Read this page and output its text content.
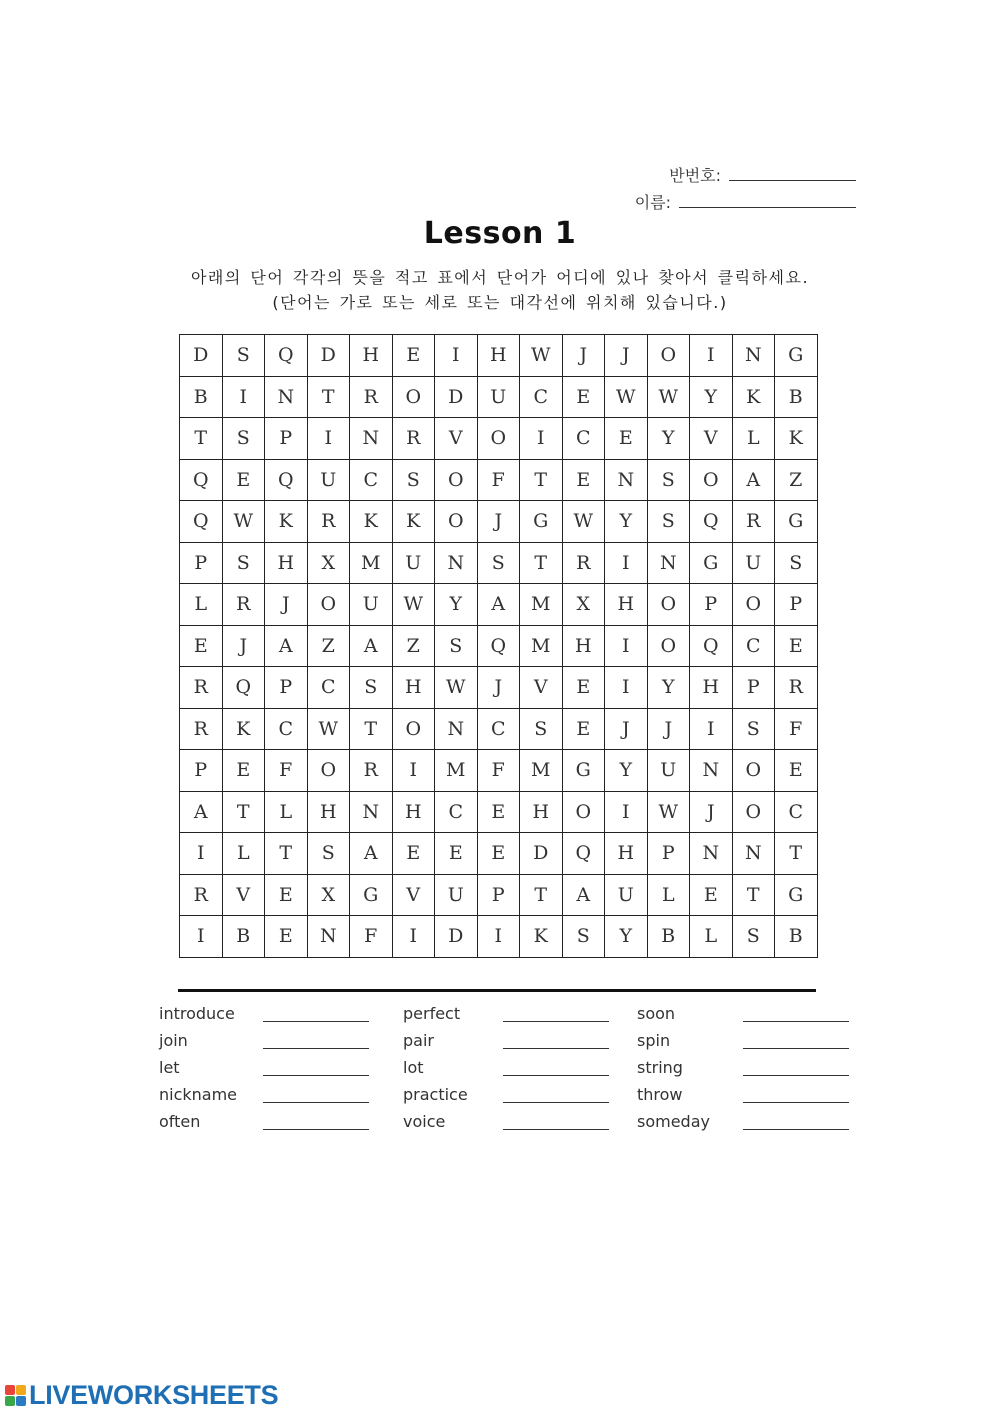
반번호:
이름:
Lesson 1
아래의 단어 각각의 뜻을 적고 표에서 단어가 어디에 있나 찾아서 클릭하세요.
(단어는 가로 또는 세로 또는 대각선에 위치해 있습니다.)
D	S	Q	D	H	E	I	H	W	J	J	O	I	N	G
B	I	N	T	R	O	D	U	C	E	W	W	Y	K	B
T	S	P	I	N	R	V	O	I	C	E	Y	V	L	K
Q	E	Q	U	C	S	O	F	T	E	N	S	O	A	Z
Q	W	K	R	K	K	O	J	G	W	Y	S	Q	R	G
P	S	H	X	M	U	N	S	T	R	I	N	G	U	S
L	R	J	O	U	W	Y	A	M	X	H	O	P	O	P
E	J	A	Z	A	Z	S	Q	M	H	I	O	Q	C	E
R	Q	P	C	S	H	W	J	V	E	I	Y	H	P	R
R	K	C	W	T	O	N	C	S	E	J	J	I	S	F
P	E	F	O	R	I	M	F	M	G	Y	U	N	O	E
A	T	L	H	N	H	C	E	H	O	I	W	J	O	C
I	L	T	S	A	E	E	E	D	Q	H	P	N	N	T
R	V	E	X	G	V	U	P	T	A	U	L	E	T	G
I	B	E	N	F	I	D	I	K	S	Y	B	L	S	B
introduce
join
let
nickname
often
perfect
pair
lot
practice
voice
soon
spin
string
throw
someday
LIVEWORKSHEETS
